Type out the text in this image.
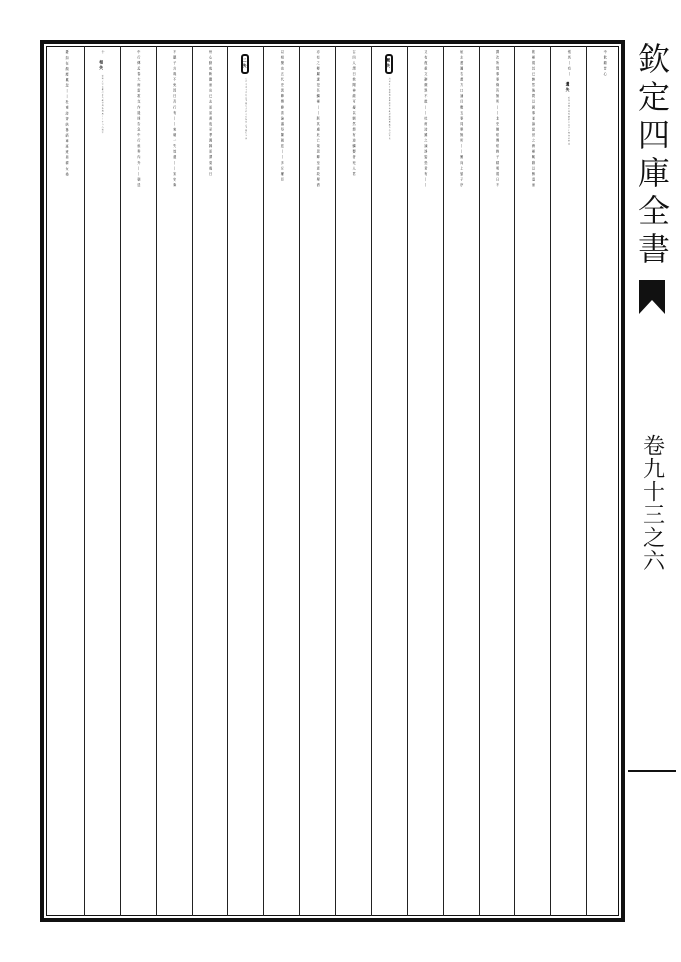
欽定四庫全書
卷九十三之六
中飲顧昔心
悵馬丨有丨
遺失
後漢書魯丕傳旣顯巖穴以求仁賢無使幽遠
飲褌視其已醉然後問以國事並論當世之務褌輒辭以醉退而
撰次所問事事條答無所丨丨北史劉炫傳炫眸子精明視日不
眩左畫圓右畫方口誦目數五事同舉無所丨丨劉向上晏子序
又有復重文辭頗異不敢丨丨杜甫詩雖之諫諍姿恐君有丨丨
闕失
唐書杜正倫傳與韋挺虞世南姚思廉論事稱旨帝設宴具
召四人謂曰我聞神龍可擾以馴然頷有逆鱗嬰者死人君
亦有之卿屬遂犯吾鱗褌丨丨朕其慮危亡哉思卿至意故舉酒
以相樂也五代史裴皞傳皞喜論議每陳朝廷丨丨多斥權臣
二失
五代史南平世家高季興巳去莊宗心悔追之季興行至襄
州心動夜斬關而出已去而詔書夜至季興歸而謂梁震曰
不聽子言幾不免因曰吾行有丨丨來朝一失放還丨丨宋史柴
中行傳孟春大雨雷雹交作邊烽告急中行亟奏內外丨丨朝廷
十
相失
梁簡文帝朱櫻詩花茂蝶爭飛枝濃鳥丨丨李白詩烟容
憂
如在顏塵累忽丨丨杜甫詩齊紈魯縞車班班男耕女桑
